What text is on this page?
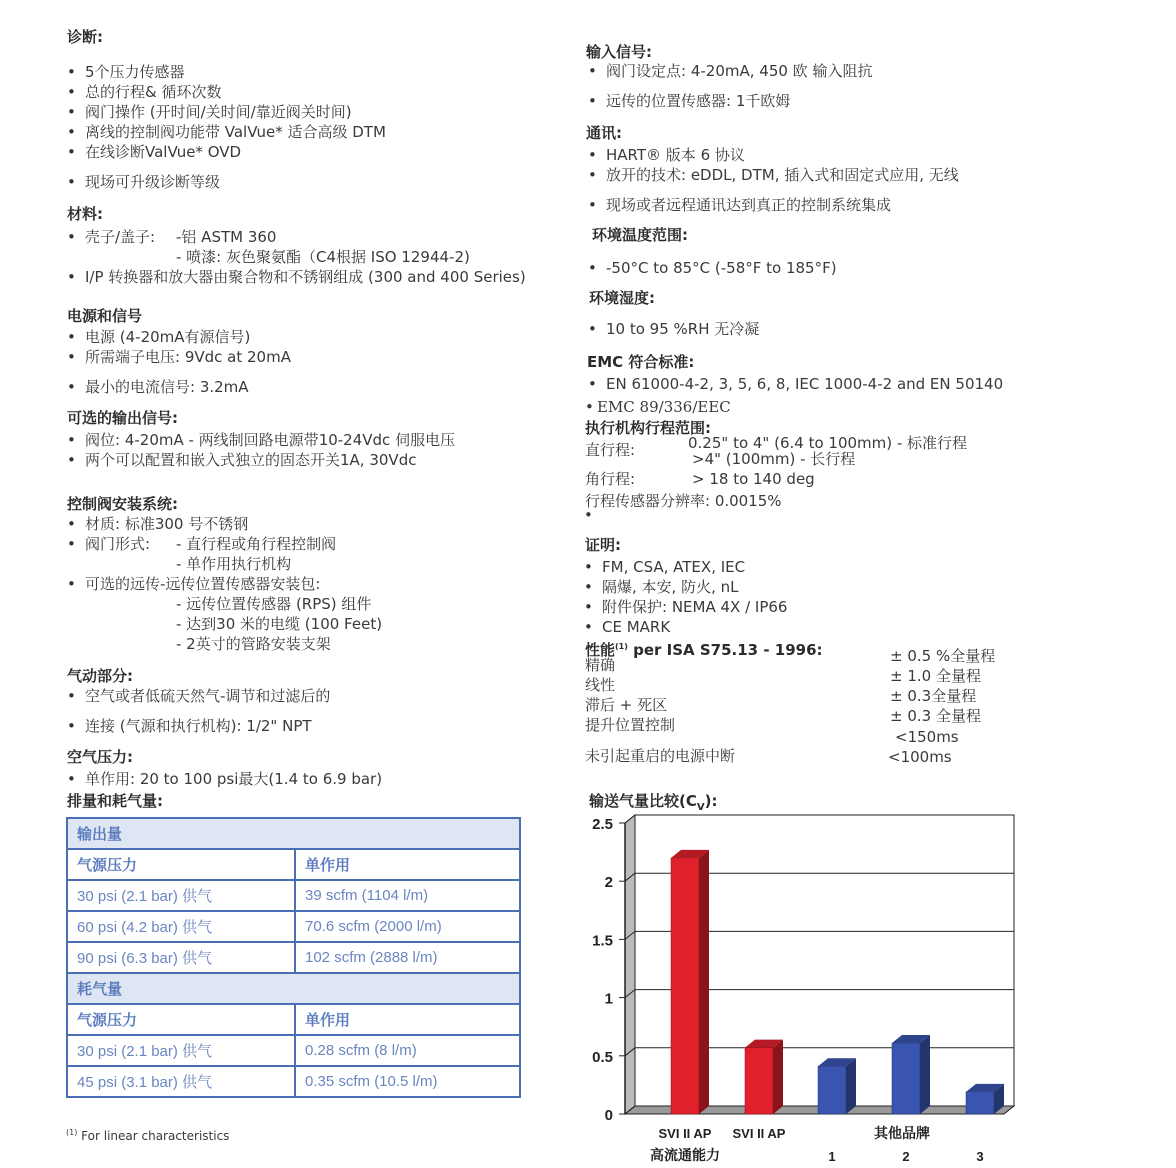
诊断:
• 5个压力传感器
• 总的行程& 循环次数
• 阀门操作 (开时间/关时间/靠近阀关时间)
• 离线的控制阀功能带 ValVue* 适合高级 DTM
• 在线诊断ValVue* OVD
• 现场可升级诊断等级
材料:
• 壳子/盖子: -铝 ASTM 360
- 喷漆: 灰色聚氨酯（C4根据 ISO 12944-2)
• I/P 转换器和放大器由聚合物和不锈钢组成 (300 and 400 Series)
电源和信号
• 电源 (4-20mA有源信号)
• 所需端子电压: 9Vdc at 20mA
• 最小的电流信号: 3.2mA
可选的输出信号:
• 阀位: 4-20mA - 两线制回路电源带10-24Vdc 伺服电压
• 两个可以配置和嵌入式独立的固态开关1A, 30Vdc
控制阀安装系统:
• 材质: 标准300 号不锈钢
• 阀门形式: - 直行程或角行程控制阀
- 单作用执行机构
• 可选的远传-远传位置传感器安装包:
- 远传位置传感器 (RPS) 组件
- 达到30 米的电缆 (100 Feet)
- 2英寸的管路安装支架
气动部分:
• 空气或者低硫天然气-调节和过滤后的
• 连接 (气源和执行机构): 1/2" NPT
空气压力:
• 单作用: 20 to 100 psi最大(1.4 to 6.9 bar)
排量和耗气量:
输出量	
气源压力	单作用
30 psi (2.1 bar) 供气	39 scfm (1104 l/m)
60 psi (4.2 bar) 供气	70.6 scfm (2000 l/m)
90 psi (6.3 bar) 供气	102 scfm (2888 l/m)
耗气量	
气源压力	单作用
30 psi (2.1 bar) 供气	0.28 scfm (8 l/m)
45 psi (3.1 bar) 供气	0.35 scfm (10.5 l/m)
$^{(1)}$ For linear characteristics
输入信号:
• 阀门设定点: 4-20mA, 450 欧 输入阻抗
• 远传的位置传感器: 1千欧姆
通讯:
• HART® 版本 6 协议
• 放开的技术: eDDL, DTM, 插入式和固定式应用, 无线
• 现场或者远程通讯达到真正的控制系统集成
环境温度范围:
• -50°C to 85°C (-58°F to 185°F)
环境湿度:
• 10 to 95 %RH 无冷凝
EMC 符合标准:
• EN 61000-4-2, 3, 5, 6, 8, IEC 1000-4-2 and EN 50140
• EMC 89/336/EEC
执行机构行程范围:
直行程:	0.25" to 4" (6.4 to 100mm) - 标准行程
>4" (100mm) - 长行程
角行程:	> 18 to 140 deg
行程传感器分辨率: 0.0015%
•
证明:
• FM, CSA, ATEX, IEC
• 隔爆, 本安, 防火, nL
• 附件保护: NEMA 4X / IP66
• CE MARK
性能$^{(1)}$ per ISA S75.13 - 1996:
精确	± 0.5 %全量程
线性	± 1.0 全量程
滞后 + 死区	± 0.3全量程
提升位置控制	± 0.3 全量程
<150ms
未引起重启的电源中断	<100ms
输送气量比较$(C_V)$:
0
0.5
1
1.5
2
2.5
SVI II AP
高流通能力
SVI II AP
1	2	3
其他品牌
